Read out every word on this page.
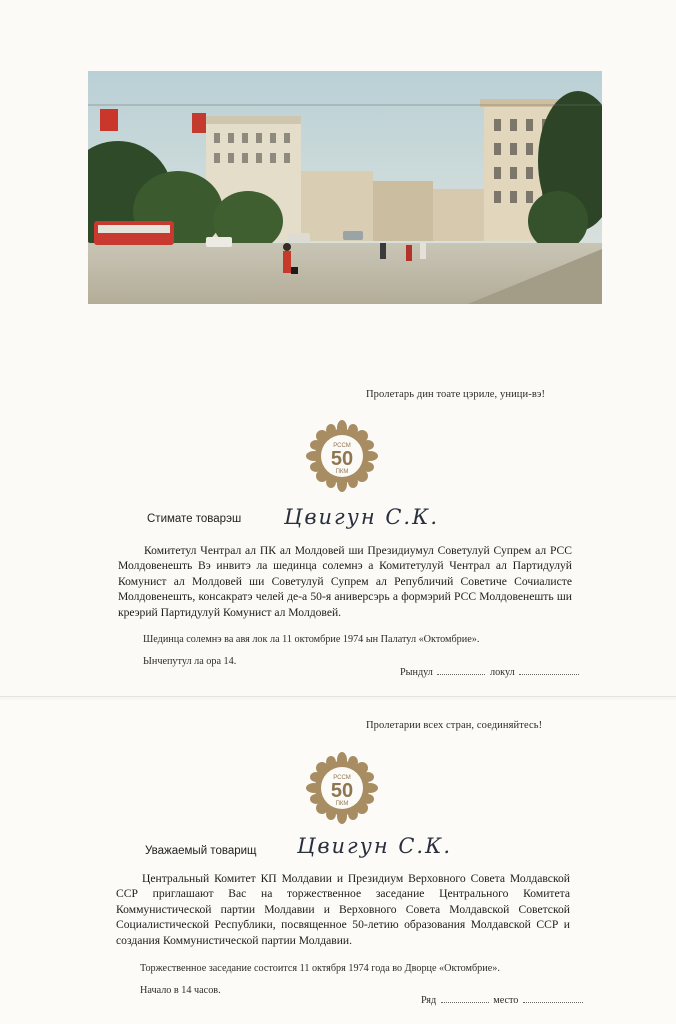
Пролетарь дин тоате цэриле, уници-вэ!
РССМ
50
ПКМ
Стимате товарэш Цвигун С.К.
Комитетул Чентрал ал ПК ал Молдовей ши Президиумул Советулуй Супрем ал РСС Молдовенешть Вэ инвитэ ла шединца солемнэ а Комитетулуй Чентрал ал Партидулуй Комунист ал Молдовей ши Советулуй Супрем ал Републичий Советиче Сочиалисте Молдовенешть, консакратэ челей де-а 50-я аниверсэрь а формэрий РСС Молдовенешть ши креэрий Партидулуй Комунист ал Молдовей.
Шединца солемнэ ва авя лок ла 11 октомбрие 1974 ын Палатул «Октомбрие».
Ынчепутул ла ора 14.
Рындул	локул
Пролетарии всех стран, соединяйтесь!
РССМ
50
ПКМ
Уважаемый товарищ Цвигун С.К.
Центральный Комитет КП Молдавии и Президиум Верховного Совета Молдавской ССР приглашают Вас на торжественное заседание Центрального Комитета Коммунистической партии Молдавии и Верховного Совета Молдавской Советской Социалистической Республики, посвященное 50-летию образования Молдавской ССР и создания Коммунистической партии Молдавии.
Торжественное заседание состоится 11 октября 1974 года во Дворце «Октомбрие».
Начало в 14 часов.
Ряд	место
